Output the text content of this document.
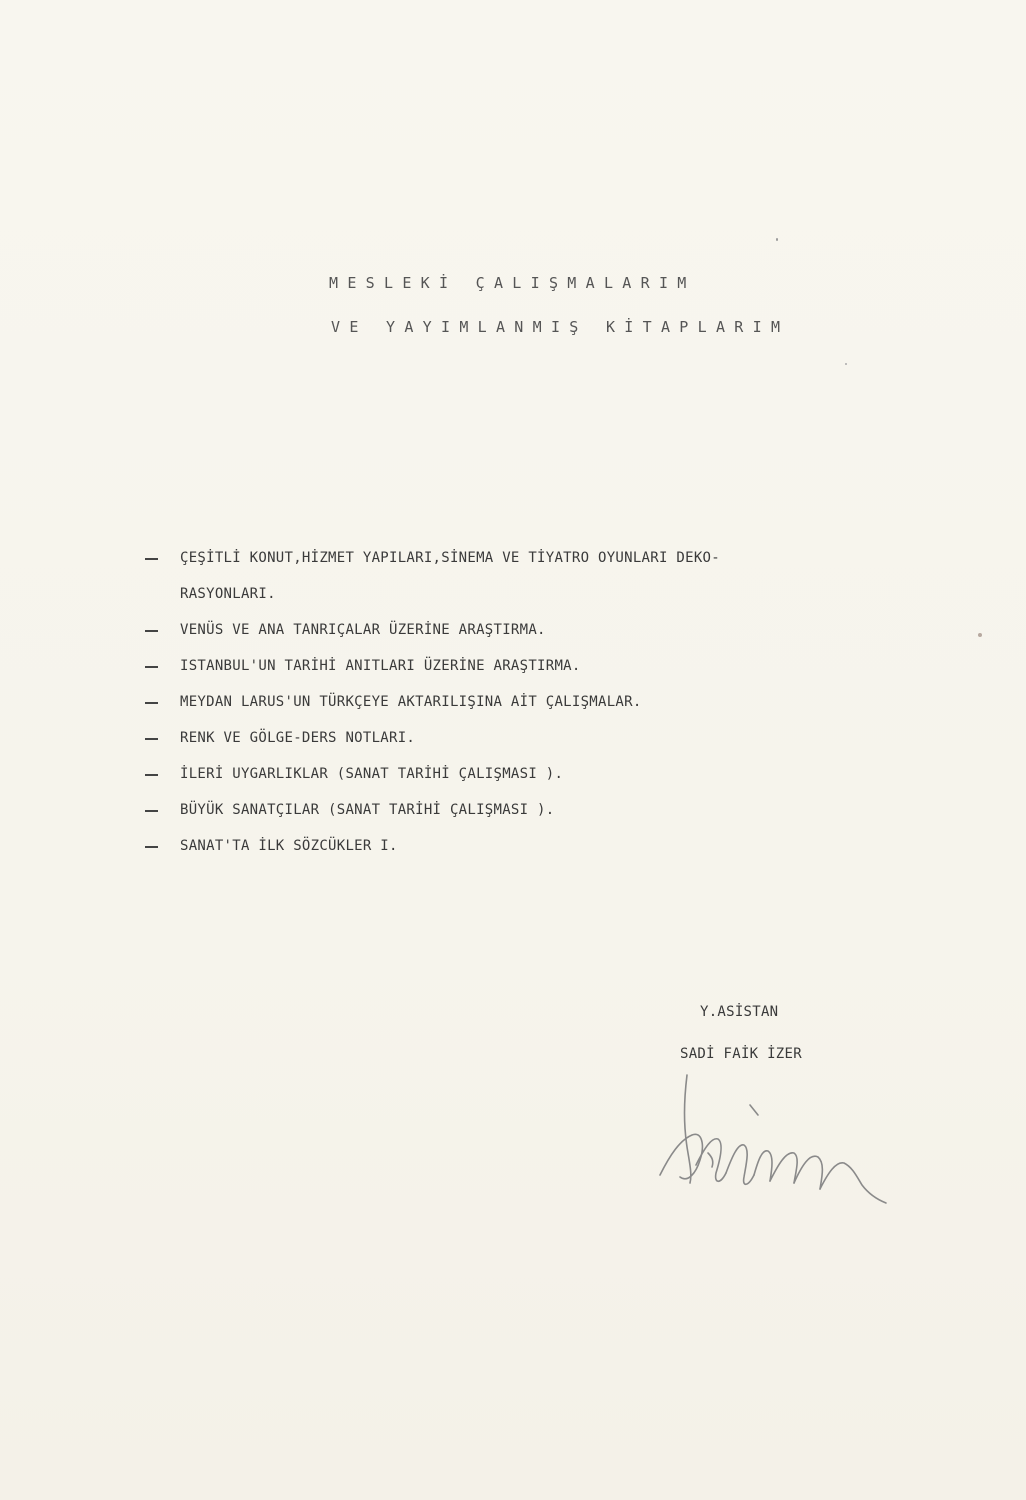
MESLEKİ ÇALIŞMALARIM
VE YAYIMLANMIŞ KİTAPLARIM
ÇEŞİTLİ KONUT,HİZMET YAPILARI,SİNEMA VE TİYATRO OYUNLARI DEKO-
RASYONLARI.
VENÜS VE ANA TANRIÇALAR ÜZERİNE ARAŞTIRMA.
ISTANBUL'UN TARİHİ ANITLARI ÜZERİNE ARAŞTIRMA.
MEYDAN LARUS'UN TÜRKÇEYE AKTARILIŞINA AİT ÇALIŞMALAR.
RENK VE GÖLGE-DERS NOTLARI.
İLERİ UYGARLIKLAR (SANAT TARİHİ ÇALIŞMASI ).
BÜYÜK SANATÇILAR (SANAT TARİHİ ÇALIŞMASI ).
SANAT'TA İLK SÖZCÜKLER I.
Y.ASİSTAN
SADİ FAİK İZER
